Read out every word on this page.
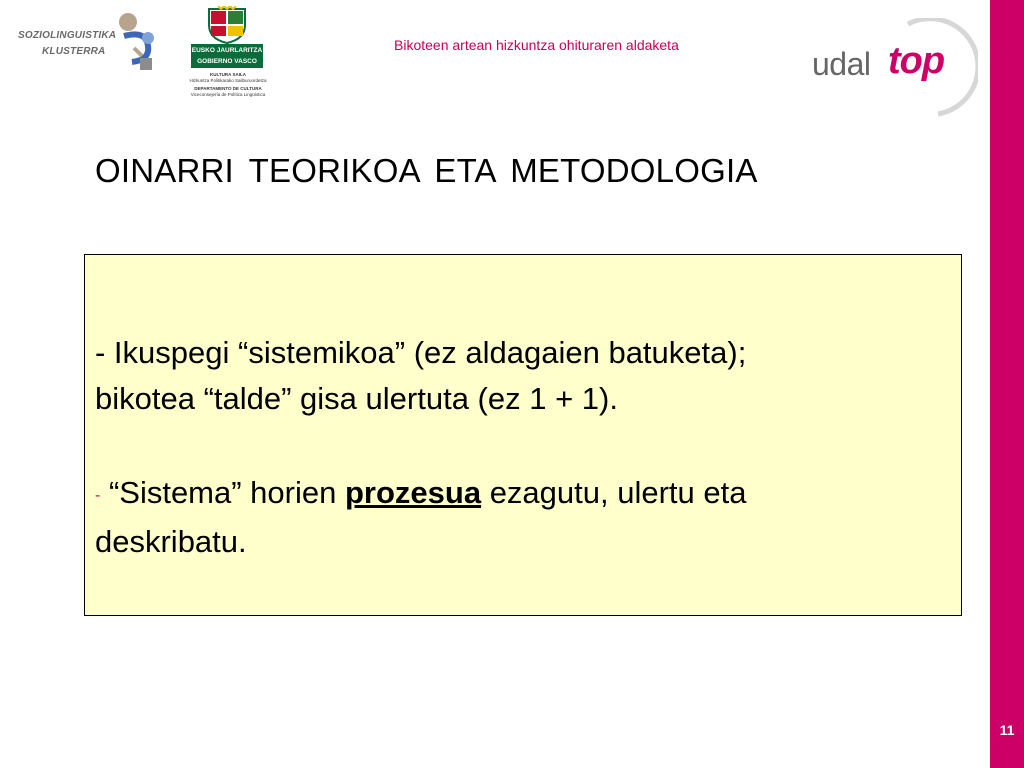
SOZIOLINGUISTIKA
KLUSTERRA	EUSKO JAURLARITZA
GOBIERNO VASCO
KULTURA SAILA
Hizkuntza Politikarako Sailburuordetza
DEPARTAMENTO DE CULTURA
Viceconsejería de Política Lingüística
Bikoteen artean hizkuntza ohituraren aldaketa
udal top
OINARRI TEORIKOA ETA METODOLOGIA
- Ikuspegi “sistemikoa” (ez aldagaien batuketa);
bikotea “talde” gisa ulertuta (ez 1 + 1).
- “Sistema” horien prozesua ezagutu, ulertu eta
deskribatu.
11
